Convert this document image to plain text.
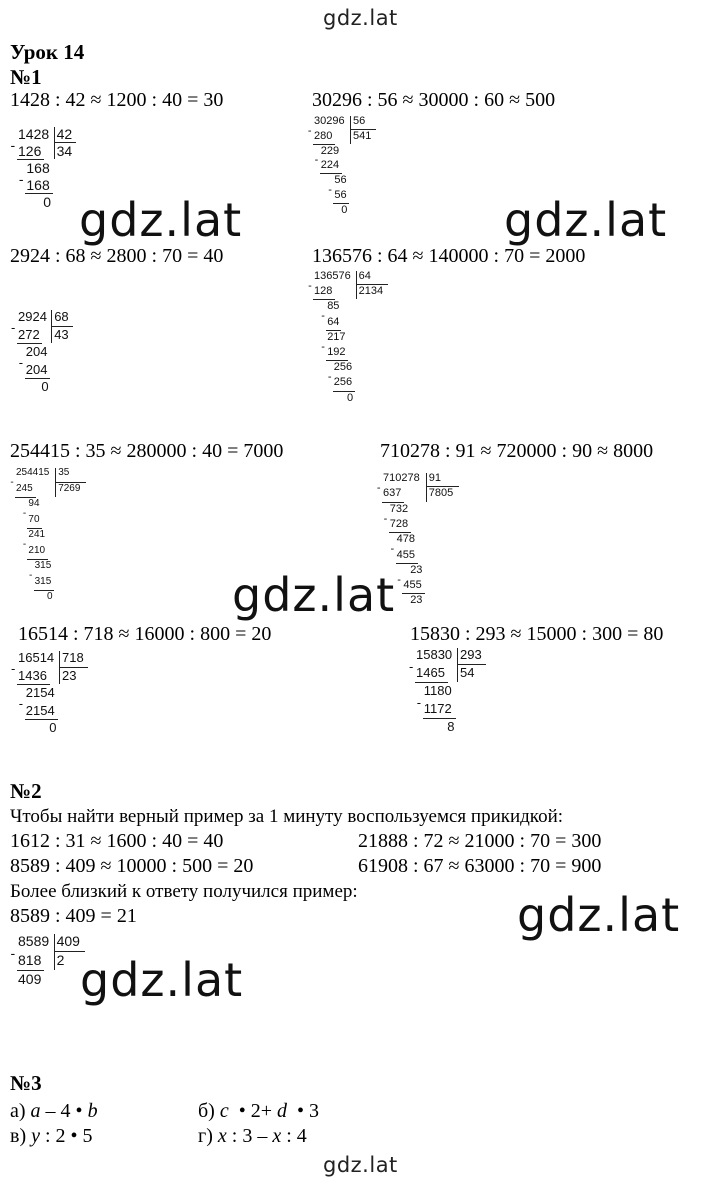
gdz.lat
gdz.lat
gdz.lat	gdz.lat
gdz.lat
gdz.lat
gdz.lat
Урок 14
№1
1428 : 42 ≈ 1200 : 40 = 30	30296 : 56 ≈ 30000 : 60 ≈ 500
2924 : 68 ≈ 2800 : 70 = 40	136576 : 64 ≈ 140000 : 70 = 2000
254415 : 35 ≈ 280000 : 40 = 7000	710278 : 91 ≈ 720000 : 90 ≈ 8000
16514 : 718 ≈ 16000 : 800 = 20	15830 : 293 ≈ 15000 : 300 = 80
1428 42
34
126
-
168
168
-
0
30296 56
541
280
-
229
224
-
56
56
-
0
2924 68
43
272
-
204
204
-
0
136576 64
2134
128
-
85
64
-
217
192
-
256
256
-
0
254415 35
7269
245
-
94
70
-
241
210
-
315
315
-
0
710278 91
7805
637
-
732
728
-
478
455
-
23
455
-
23
16514 718
23
1436
-
2154
2154
-
0
15830 293
54
1465
-
1180
1172
-
8
№2
Чтобы найти верный пример за 1 минуту воспользуемся прикидкой:
1612 : 31 ≈ 1600 : 40 = 40	21888 : 72 ≈ 21000 : 70 = 300
8589 : 409 ≈ 10000 : 500 = 20	61908 : 67 ≈ 63000 : 70 = 900
Более близкий к ответу получился пример:
8589 : 409 = 21
8589 409
2
818
-
409
№3
а) a – 4 • b	б) c  • 2+ d  • 3
в) y : 2 • 5	г) x : 3 – x : 4
